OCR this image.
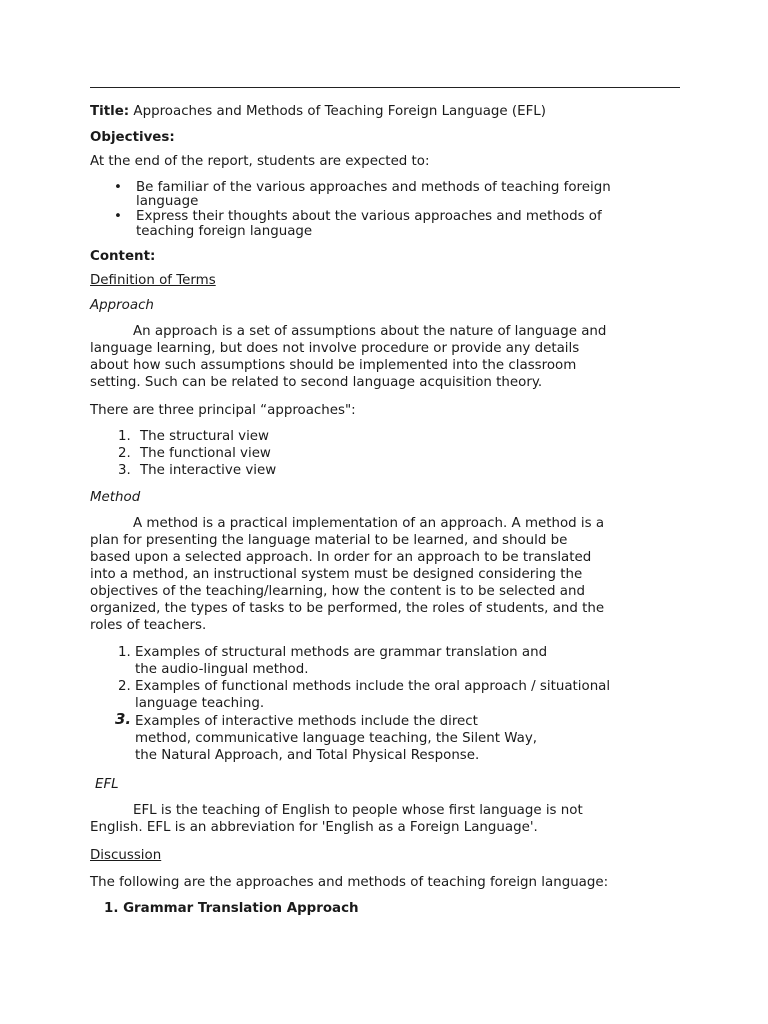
Title: Approaches and Methods of Teaching Foreign Language (EFL)
Objectives:
At the end of the report, students are expected to:
• Be familiar of the various approaches and methods of teaching foreign
language
• Express their thoughts about the various approaches and methods of
teaching foreign language
Content:
Definition of Terms
Approach
An approach is a set of assumptions about the nature of language and
language learning, but does not involve procedure or provide any details
about how such assumptions should be implemented into the classroom
setting. Such can be related to second language acquisition theory.
There are three principal “approaches":
1. The structural view
2. The functional view
3. The interactive view
Method
A method is a practical implementation of an approach. A method is a
plan for presenting the language material to be learned, and should be
based upon a selected approach. In order for an approach to be translated
into a method, an instructional system must be designed considering the
objectives of the teaching/learning, how the content is to be selected and
organized, the types of tasks to be performed, the roles of students, and the
roles of teachers.
1. Examples of structural methods are grammar translation and
the audio-lingual method.
2. Examples of functional methods include the oral approach / situational
language teaching.
3. Examples of interactive methods include the direct
method, communicative language teaching, the Silent Way,
the Natural Approach, and Total Physical Response.
EFL
EFL is the teaching of English to people whose first language is not
English. EFL is an abbreviation for 'English as a Foreign Language'.
Discussion
The following are the approaches and methods of teaching foreign language:
1. Grammar Translation Approach
